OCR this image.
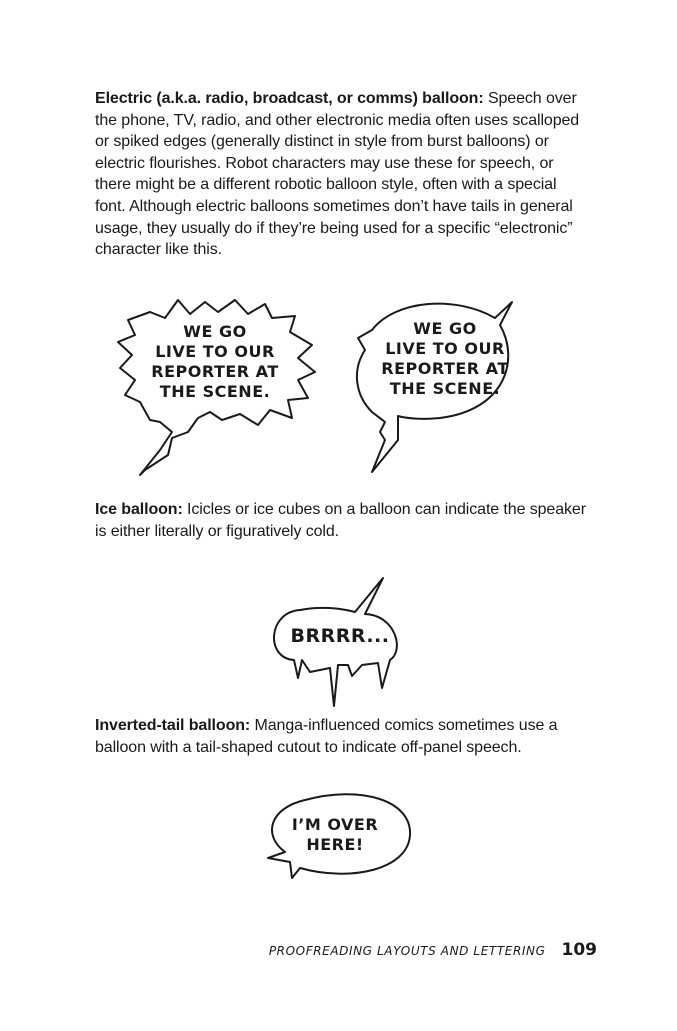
Electric (a.k.a. radio, broadcast, or comms) balloon: Speech over the phone, TV, radio, and other electronic media often uses scalloped or spiked edges (generally distinct in style from burst balloons) or electric flourishes. Robot characters may use these for speech, or there might be a different robotic balloon style, often with a special font. Although electric balloons sometimes don’t have tails in general usage, they usually do if they’re being used for a specific “electronic” character like this.

Ice balloon: Icicles or ice cubes on a balloon can indicate the speaker is either literally or figuratively cold.

Inverted-tail balloon: Manga-influenced comics sometimes use a balloon with a tail-shaped cutout to indicate off-panel speech.

WE GO
LIVE TO OUR
REPORTER AT
THE SCENE.
WE GO
LIVE TO OUR
REPORTER AT
THE SCENE.
BRRRR...
I’M OVER
HERE!
PROOFREADING LAYOUTS AND LETTERING 109
